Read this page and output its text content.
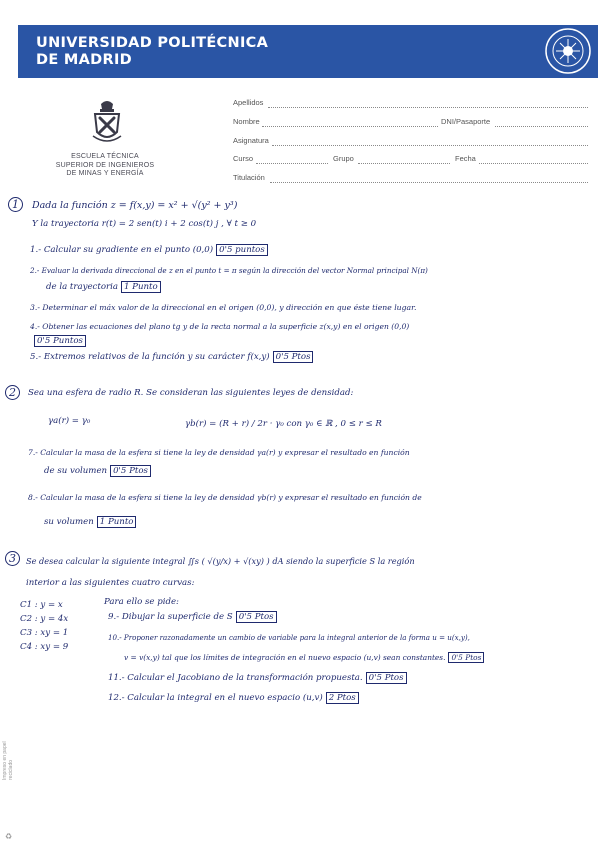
UNIVERSIDAD POLITÉCNICA
DE MADRID
ESCUELA TÉCNICA
SUPERIOR DE INGENIEROS
DE MINAS Y ENERGÍA
Apellidos
Nombre	DNI/Pasaporte
Asignatura
Curso	Grupo	Fecha
Titulación
1	Dada la función z = f(x,y) = x² + √(y² + y³)
Y la trayectoria r(t) = 2 sen(t) i + 2 cos(t) j , ∀ t ≥ 0
1.- Calcular su gradiente en el punto (0,0) 0'5 puntos
2.- Evaluar la derivada direccional de z en el punto t = π según la dirección del vector Normal principal N(π)
de la trayectoria 1 Punto
3.- Determinar el máx valor de la direccional en el origen (0,0), y dirección en que éste tiene lugar.
4.- Obtener las ecuaciones del plano tg y de la recta normal a la superficie z(x,y) en el origen (0,0)
0'5 Puntos
5.- Extremos relativos de la función y su carácter f(x,y) 0'5 Ptos
2	Sea una esfera de radio R. Se consideran las siguientes leyes de densidad:
γa(r) = γ₀	γb(r) = (R + r) / 2r · γ₀ con γ₀ ∈ ℝ , 0 ≤ r ≤ R
7.- Calcular la masa de la esfera si tiene la ley de densidad γa(r) y expresar el resultado en función
de su volumen 0'5 Ptos
8.- Calcular la masa de la esfera si tiene la ley de densidad γb(r) y expresar el resultado en función de
su volumen 1 Punto
3	Se desea calcular la siguiente integral ∬s ( √(y/x) + √(xy) ) dA siendo la superficie S la región
interior a las siguientes cuatro curvas:
C1 : y = x
C2 : y = 4x
C3 : xy = 1
C4 : xy = 9
Para ello se pide:
9.- Dibujar la superficie de S 0'5 Ptos
10.- Proponer razonadamente un cambio de variable para la integral anterior de la forma u = u(x,y),
v = v(x,y) tal que los límites de integración en el nuevo espacio (u,v) sean constantes. 0'5 Ptos
11.- Calcular el Jacobiano de la transformación propuesta. 0'5 Ptos
12.- Calcular la integral en el nuevo espacio (u,v) 2 Ptos
Impreso en papel reciclado
♻
